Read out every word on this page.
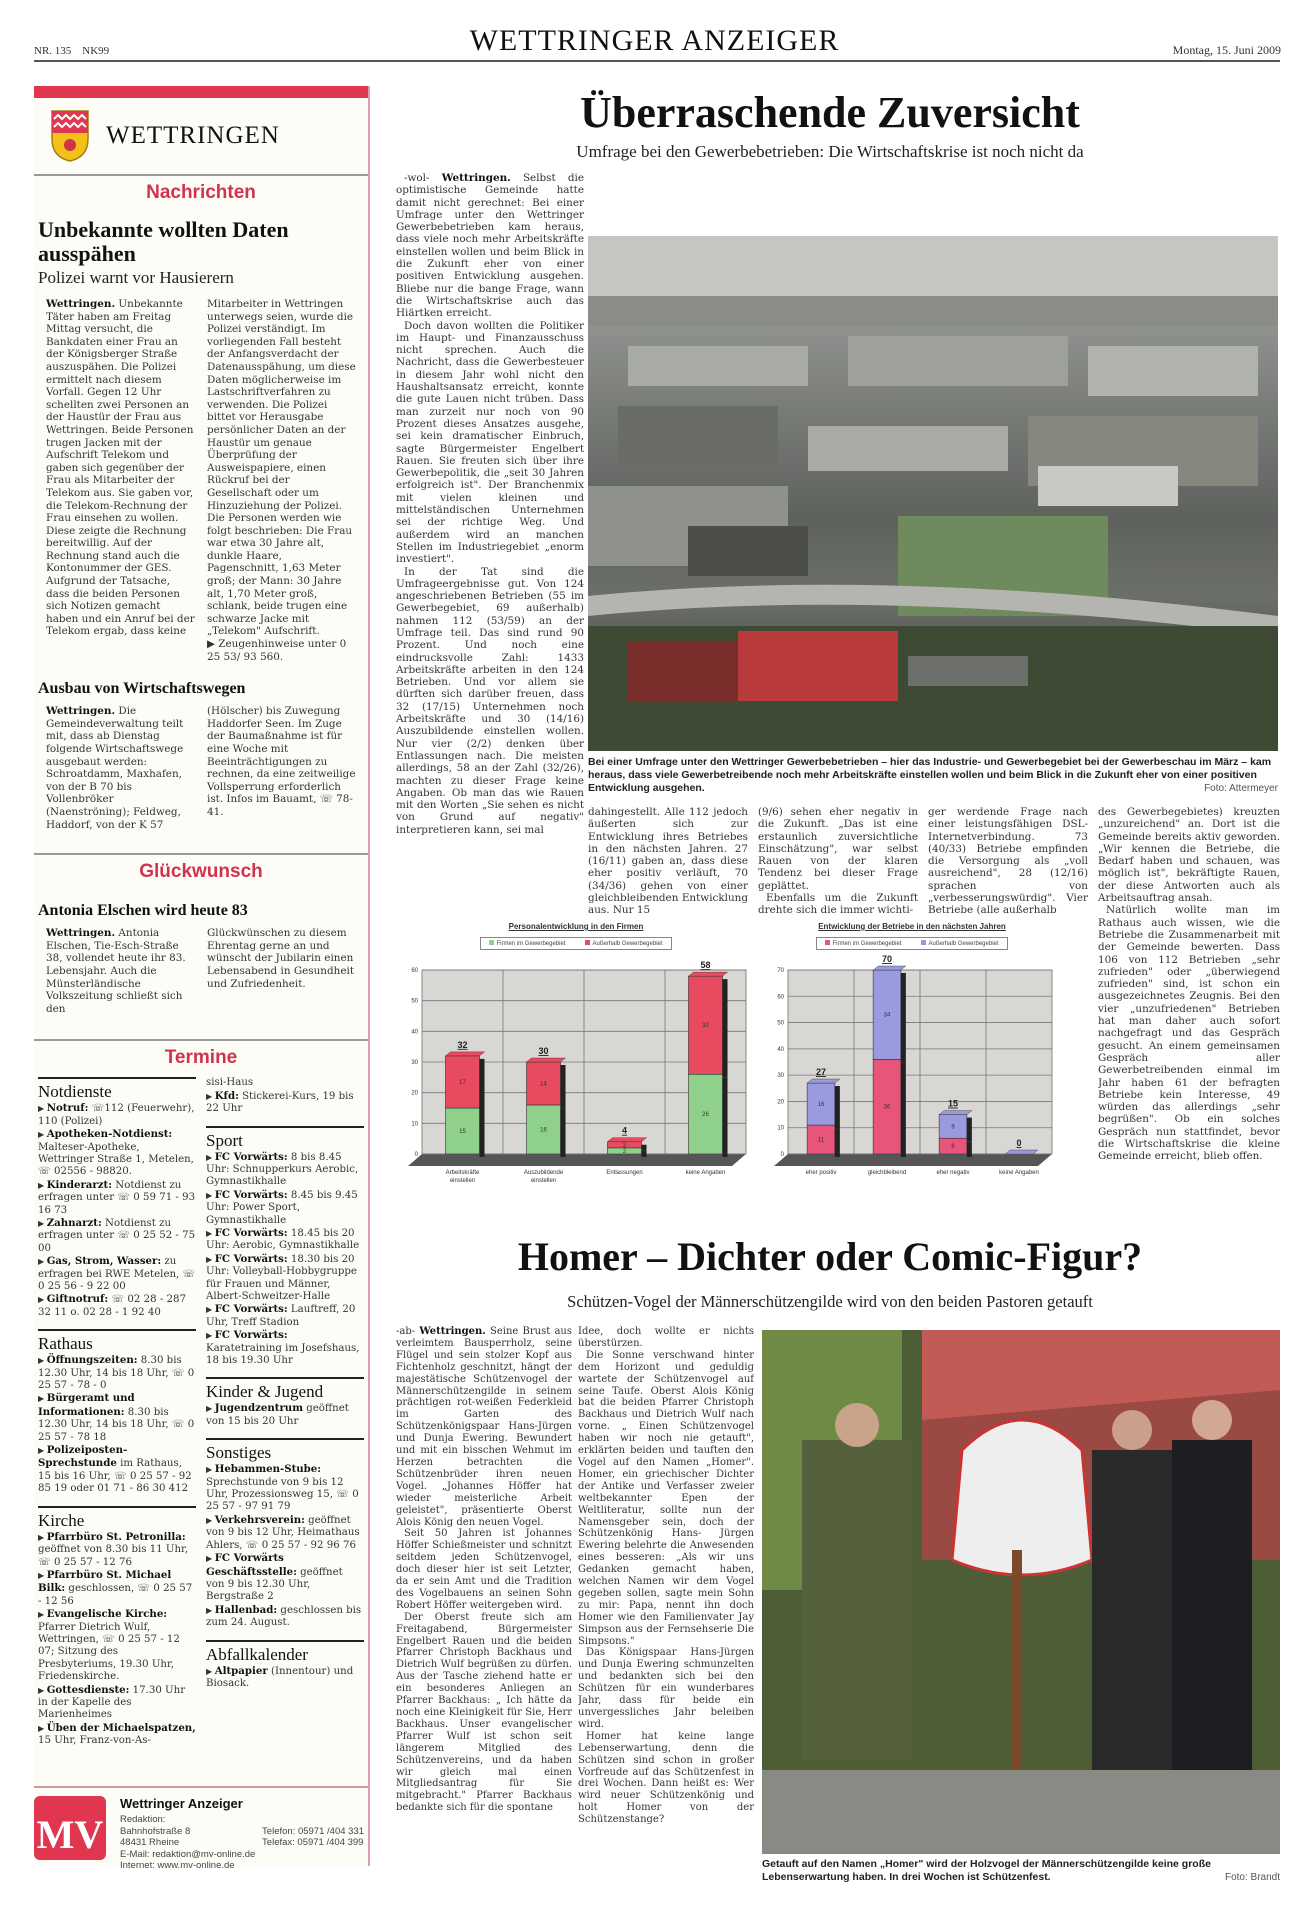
NR. 135 NK99	WETTRINGER ANZEIGER	Montag, 15. Juni 2009
WETTRINGEN
Nachrichten
Unbekannte wollten Daten ausspähen
Polizei warnt vor Hausierern
Wettringen. Unbekannte Täter haben am Freitag Mittag versucht, die Bankdaten einer Frau an der Königsberger Straße auszuspähen. Die Polizei ermittelt nach diesem Vorfall. Gegen 12 Uhr schellten zwei Personen an der Haustür der Frau aus Wettringen. Beide Personen trugen Jacken mit der Aufschrift Telekom und gaben sich gegenüber der Frau als Mitarbeiter der Telekom aus. Sie gaben vor, die Telekom-Rechnung der Frau einsehen zu wollen. Diese zeigte die Rechnung bereitwillig. Auf der Rechnung stand auch die Kontonummer der GES. Aufgrund der Tatsache, dass die beiden Personen sich Notizen gemacht haben und ein Anruf bei der Telekom ergab, dass keine
Mitarbeiter in Wettringen unterwegs seien, wurde die Polizei verständigt. Im vorliegenden Fall besteht der Anfangsverdacht der Datenausspähung, um diese Daten möglicherweise im Lastschriftverfahren zu verwenden. Die Polizei bittet vor Herausgabe persönlicher Daten an der Haustür um genaue Überprüfung der Ausweispapiere, einen Rückruf bei der Gesellschaft oder um Hinzuziehung der Polizei. Die Personen werden wie folgt beschrieben: Die Frau war etwa 30 Jahre alt, dunkle Haare, Pagenschnitt, 1,63 Meter groß; der Mann: 30 Jahre alt, 1,70 Meter groß, schlank, beide trugen eine schwarze Jacke mit „Telekom" Aufschrift.
▶ Zeugenhinweise unter 0 25 53/ 93 560.
Ausbau von Wirtschaftswegen
Wettringen. Die Gemeindeverwaltung teilt mit, dass ab Dienstag folgende Wirtschaftswege ausgebaut werden: Schroatdamm, Maxhafen, von der B 70 bis Vollenbröker (Naenströning); Feldweg, Haddorf, von der K 57
(Hölscher) bis Zuwegung Haddorfer Seen. Im Zuge der Baumaßnahme ist für eine Woche mit Beeinträchtigungen zu rechnen, da eine zeitweilige Vollsperrung erforderlich ist. Infos im Bauamt, ☏ 78-41.
Glückwunsch
Antonia Elschen wird heute 83
Wettringen. Antonia Elschen, Tie-Esch-Straße 38, vollendet heute ihr 83. Lebensjahr. Auch die Münsterländische Volkszeitung schließt sich den
Glückwünschen zu diesem Ehrentag gerne an und wünscht der Jubilarin einen Lebensabend in Gesundheit und Zufriedenheit.
Termine
Notdienste

▶ Notruf: ☏112 (Feuerwehr), 110 (Polizei)

▶ Apotheken-Notdienst: Malteser-Apotheke, Wettringer Straße 1, Metelen, ☏ 02556 - 98820.

▶ Kinderarzt: Notdienst zu erfragen unter ☏ 0 59 71 - 93 16 73

▶ Zahnarzt: Notdienst zu erfragen unter ☏ 0 25 52 - 75 00

▶ Gas, Strom, Wasser: zu erfragen bei RWE Metelen, ☏ 0 25 56 - 9 22 00

▶ Giftnotruf: ☏ 02 28 - 287 32 11 o. 02 28 - 1 92 40

Rathaus

▶ Öffnungszeiten: 8.30 bis 12.30 Uhr, 14 bis 18 Uhr, ☏ 0 25 57 - 78 - 0

▶ Bürgeramt und Informationen: 8.30 bis 12.30 Uhr, 14 bis 18 Uhr, ☏ 0 25 57 - 78 18

▶ Polizeiposten-Sprechstunde im Rathaus, 15 bis 16 Uhr, ☏ 0 25 57 - 92 85 19 oder 01 71 - 86 30 412

Kirche

▶ Pfarrbüro St. Petronilla: geöffnet von 8.30 bis 11 Uhr, ☏ 0 25 57 - 12 76

▶ Pfarrbüro St. Michael Bilk: geschlossen, ☏ 0 25 57 - 12 56

▶ Evangelische Kirche: Pfarrer Dietrich Wulf, Wettringen, ☏ 0 25 57 - 12 07; Sitzung des Presbyteriums, 19.30 Uhr, Friedenskirche.

▶ Gottesdienste: 17.30 Uhr in der Kapelle des Marienheimes

▶ Üben der Michaelspatzen, 15 Uhr, Franz-von-As-

sisi-Haus

▶ Kfd: Stickerei-Kurs, 19 bis 22 Uhr

Sport

▶ FC Vorwärts: 8 bis 8.45 Uhr: Schnupperkurs Aerobic, Gymnastikhalle

▶ FC Vorwärts: 8.45 bis 9.45 Uhr: Power Sport, Gymnastikhalle

▶ FC Vorwärts: 18.45 bis 20 Uhr: Aerobic, Gymnastikhalle

▶ FC Vorwärts: 18.30 bis 20 Uhr: Volleyball-Hobbygruppe für Frauen und Männer, Albert-Schweitzer-Halle

▶ FC Vorwärts: Lauftreff, 20 Uhr, Treff Stadion

▶ FC Vorwärts: Karatetraining im Josefshaus, 18 bis 19.30 Uhr

Kinder & Jugend

▶ Jugendzentrum geöffnet von 15 bis 20 Uhr

Sonstiges

▶ Hebammen-Stube: Sprechstunde von 9 bis 12 Uhr, Prozessionsweg 15, ☏ 0 25 57 - 97 91 79

▶ Verkehrsverein: geöffnet von 9 bis 12 Uhr, Heimathaus Ahlers, ☏ 0 25 57 - 92 96 76

▶ FC Vorwärts Geschäftsstelle: geöffnet von 9 bis 12.30 Uhr, Bergstraße 2

▶ Hallenbad: geschlossen bis zum 24. August.

Abfallkalender

▶ Altpapier (Innentour) und Biosack.

MV
Wettringer Anzeiger
Redaktion:
Bahnhofstraße 8
48431 Rheine
Telefon: 05971 /404 331
Telefax: 05971 /404 399
E-Mail: redaktion@mv-online.de
Internet: www.mv-online.de
Überraschende Zuversicht
Umfrage bei den Gewerbebetrieben: Die Wirtschaftskrise ist noch nicht da

-wol- Wettringen. Selbst die optimistische Gemeinde hatte damit nicht gerechnet: Bei einer Umfrage unter den Wettringer Gewerbebetrieben kam heraus, dass viele noch mehr Arbeitskräfte einstellen wollen und beim Blick in die Zukunft eher von einer positiven Entwicklung ausgehen. Bliebe nur die bange Frage, wann die Wirtschaftskrise auch das Hiärtken erreicht.

Doch davon wollten die Politiker im Haupt- und Finanzausschuss nicht sprechen. Auch die Nachricht, dass die Gewerbesteuer in diesem Jahr wohl nicht den Haushaltsansatz erreicht, konnte die gute Lauen nicht trüben. Dass man zurzeit nur noch von 90 Prozent dieses Ansatzes ausgehe, sei kein dramatischer Einbruch, sagte Bürgermeister Engelbert Rauen. Sie freuten sich über ihre Gewerbepolitik, die „seit 30 Jahren erfolgreich ist". Der Branchenmix mit vielen kleinen und mittelständischen Unternehmen sei der richtige Weg. Und außerdem wird an manchen Stellen im Industriegebiet „enorm investiert".

In der Tat sind die Umfrageergebnisse gut. Von 124 angeschriebenen Betrieben (55 im Gewerbegebiet, 69 außerhalb) nahmen 112 (53/59) an der Umfrage teil. Das sind rund 90 Prozent. Und noch eine eindrucksvolle Zahl: 1433 Arbeitskräfte arbeiten in den 124 Betrieben. Und vor allem sie dürften sich darüber freuen, dass 32 (17/15) Unternehmen noch Arbeitskräfte und 30 (14/16) Auszubildende einstellen wollen. Nur vier (2/2) denken über Entlassungen nach. Die meisten allerdings, 58 an der Zahl (32/26), machten zu dieser Frage keine Angaben. Ob man das wie Rauen mit den Worten „Sie sehen es nicht von Grund auf negativ" interpretieren kann, sei mal

Bei einer Umfrage unter den Wettringer Gewerbebetrieben – hier das Industrie- und Gewerbegebiet bei der Gewerbeschau im März – kam heraus, dass viele Gewerbetreibende noch mehr Arbeitskräfte einstellen wollen und beim Blick in die Zukunft eher von einer positiven Entwicklung ausgehen.	Foto: Attermeyer
dahingestellt. Alle 112 jedoch äußerten sich zur Entwicklung ihres Betriebes in den nächsten Jahren. 27 (16/11) gaben an, dass diese eher positiv verläuft, 70 (34/36) gehen von einer gleichbleibenden Entwicklung aus. Nur 15

(9/6) sehen eher negativ in die Zukunft. „Das ist eine erstaunlich zuversichtliche Einschätzung", war selbst Rauen von der klaren Tendenz bei dieser Frage geplättet.

Ebenfalls um die Zukunft drehte sich die immer wichti-

ger werdende Frage nach einer leistungsfähigen DSL-Internetverbindung. 73 (40/33) Betriebe empfinden die Versorgung als „voll ausreichend", 28 (12/16) sprachen von „verbesserungswürdig". Vier Betriebe (alle außerhalb

des Gewerbegebietes) kreuzten „unzureichend" an. Dort ist die Gemeinde bereits aktiv geworden. „Wir kennen die Betriebe, die Bedarf haben und schauen, was möglich ist", bekräftigte Rauen, der diese Antworten auch als Arbeitsauftrag ansah.

Natürlich wollte man im Rathaus auch wissen, wie die Betriebe die Zusammenarbeit mit der Gemeinde bewerten. Dass 106 von 112 Betrieben „sehr zufrieden" oder „überwiegend zufrieden" sind, ist schon ein ausgezeichnetes Zeugnis. Bei den vier „unzufriedenen" Betrieben hat man daher auch sofort nachgefragt und das Gespräch gesucht. An einem gemeinsamen Gespräch aller Gewerbetreibenden einmal im Jahr haben 61 der befragten Betriebe kein Interesse, 49 würden das allerdings „sehr begrüßen". Ob ein solches Gespräch nun stattfindet, bevor die Wirtschaftskrise die kleine Gemeinde erreicht, blieb offen.

Personalentwicklung in den Firmen
Firmen im Gewerbegebiet	Außerhalb Gewerbegebiet
0
10
20
30
40
50
60
15
17
32
Arbeitskräfte
einstellen
16
14
30
Auszubildende
einstellen
2
2
4
Entlassungen
26
32
58
keine Angaben
Entwicklung der Betriebe in den nächsten Jahren
Firmen im Gewerbegebiet	Außerhalb Gewerbegebiet
0
10
20
30
40
50
60
70
11
16
27
eher positiv
36
34
70
gleichbleibend
6
9
15
eher negativ
0
keine Angaben
Homer – Dichter oder Comic-Figur?
Schützen-Vogel der Männerschützengilde wird von den beiden Pastoren getauft

-ab- Wettringen. Seine Brust aus verleimtem Bausperrholz, seine Flügel und sein stolzer Kopf aus Fichtenholz geschnitzt, hängt der majestätische Schützenvogel der Männerschützengilde in seinem prächtigen rot-weißen Federkleid im Garten des Schützenkönigspaar Hans-Jürgen und Dunja Ewering. Bewundert und mit ein bisschen Wehmut im Herzen betrachten die Schützenbrüder ihren neuen Vogel. „Johannes Höffer hat wieder meisterliche Arbeit geleistet", präsentierte Oberst Alois König den neuen Vogel.

Seit 50 Jahren ist Johannes Höffer Schießmeister und schnitzt seitdem jeden Schützenvogel, doch dieser hier ist seit Letzter, da er sein Amt und die Tradition des Vogelbauens an seinen Sohn Robert Höffer weitergeben wird.

Der Oberst freute sich am Freitagabend, Bürgermeister Engelbert Rauen und die beiden Pfarrer Christoph Backhaus und Dietrich Wulf begrüßen zu dürfen. Aus der Tasche ziehend hatte er ein besonderes Anliegen an Pfarrer Backhaus: „ Ich hätte da noch eine Kleinigkeit für Sie, Herr Backhaus. Unser evangelischer Pfarrer Wulf ist schon seit längerem Mitglied des Schützenvereins, und da haben wir gleich mal einen Mitgliedsantrag für Sie mitgebracht." Pfarrer Backhaus bedankte sich für die spontane

Idee, doch wollte er nichts überstürzen.

Die Sonne verschwand hinter dem Horizont und geduldig wartete der Schützenvogel auf seine Taufe. Oberst Alois König bat die beiden Pfarrer Christoph Backhaus und Dietrich Wulf nach vorne. „ Einen Schützenvogel haben wir noch nie getauft", erklärten beiden und tauften den Vogel auf den Namen „Homer". Homer, ein griechischer Dichter der Antike und Verfasser zweier weltbekannter Epen der Weltliteratur, sollte nun der Namensgeber sein, doch der Schützenkönig Hans- Jürgen Ewering belehrte die Anwesenden eines besseren: „Als wir uns Gedanken gemacht haben, welchen Namen wir dem Vogel gegeben sollen, sagte mein Sohn zu mir: Papa, nennt ihn doch Homer wie den Familienvater Jay Simpson aus der Fernsehserie Die Simpsons."

Das Königspaar Hans-Jürgen und Dunja Ewering schmunzelten und bedankten sich bei den Schützen für ein wunderbares Jahr, dass für beide ein unvergessliches Jahr beleiben wird.

Homer hat keine lange Lebenserwartung, denn die Schützen sind schon in großer Vorfreude auf das Schützenfest in drei Wochen. Dann heißt es: Wer wird neuer Schützenkönig und holt Homer von der Schützenstange?

Getauft auf den Namen „Homer" wird der Holzvogel der Männerschützengilde keine große Lebenserwartung haben. In drei Wochen ist Schützenfest.	Foto: Brandt
